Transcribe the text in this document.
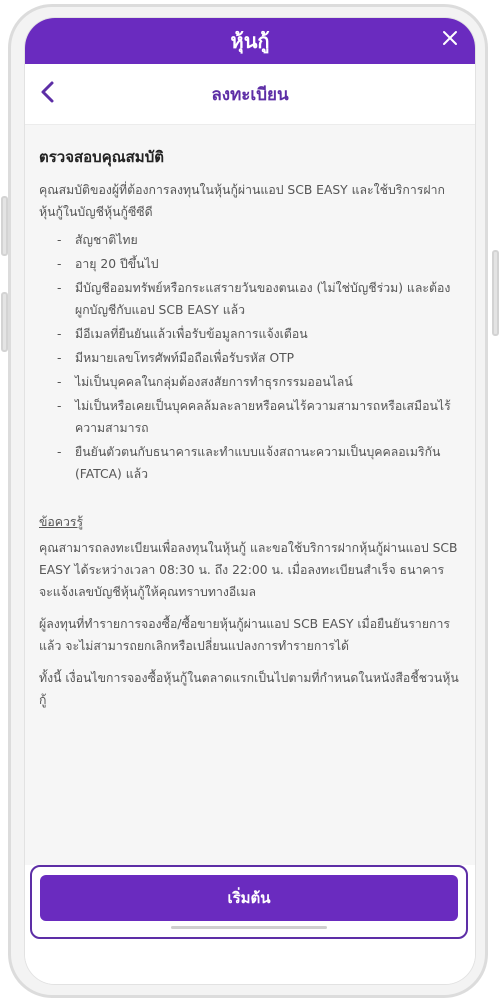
หุ้นกู้
ลงทะเบียน
ตรวจสอบคุณสมบัติ

คุณสมบัติของผู้ที่ต้องการลงทุนในหุ้นกู้ผ่านแอป SCB EASY และใช้บริการฝากหุ้นกู้ในบัญชีหุ้นกู้ซีซีดี

- สัญชาติไทย
- อายุ 20 ปีขึ้นไป
- มีบัญชีออมทรัพย์หรือกระแสรายวันของตนเอง (ไม่ใช่บัญชีร่วม) และต้องผูกบัญชีกับแอป SCB EASY แล้ว
- มีอีเมลที่ยืนยันแล้วเพื่อรับข้อมูลการแจ้งเตือน
- มีหมายเลขโทรศัพท์มือถือเพื่อรับรหัส OTP
- ไม่เป็นบุคคลในกลุ่มต้องสงสัยการทำธุรกรรมออนไลน์
- ไม่เป็นหรือเคยเป็นบุคคลล้มละลายหรือคนไร้ความสามารถหรือเสมือนไร้ความสามารถ
- ยืนยันตัวตนกับธนาคารและทำแบบแจ้งสถานะความเป็นบุคคลอเมริกัน (FATCA) แล้ว
ข้อควรรู้

คุณสามารถลงทะเบียนเพื่อลงทุนในหุ้นกู้ และขอใช้บริการฝากหุ้นกู้ผ่านแอป SCB EASY ได้ระหว่างเวลา 08:30 น. ถึง 22:00 น. เมื่อลงทะเบียนสำเร็จ ธนาคารจะแจ้งเลขบัญชีหุ้นกู้ให้คุณทราบทางอีเมล

ผู้ลงทุนที่ทำรายการจองซื้อ/ซื้อขายหุ้นกู้ผ่านแอป SCB EASY เมื่อยืนยันรายการแล้ว จะไม่สามารถยกเลิกหรือเปลี่ยนแปลงการทำรายการได้

ทั้งนี้ เงื่อนไขการจองซื้อหุ้นกู้ในตลาดแรกเป็นไปตามที่กำหนดในหนังสือชี้ชวนหุ้นกู้

เริ่มต้น
